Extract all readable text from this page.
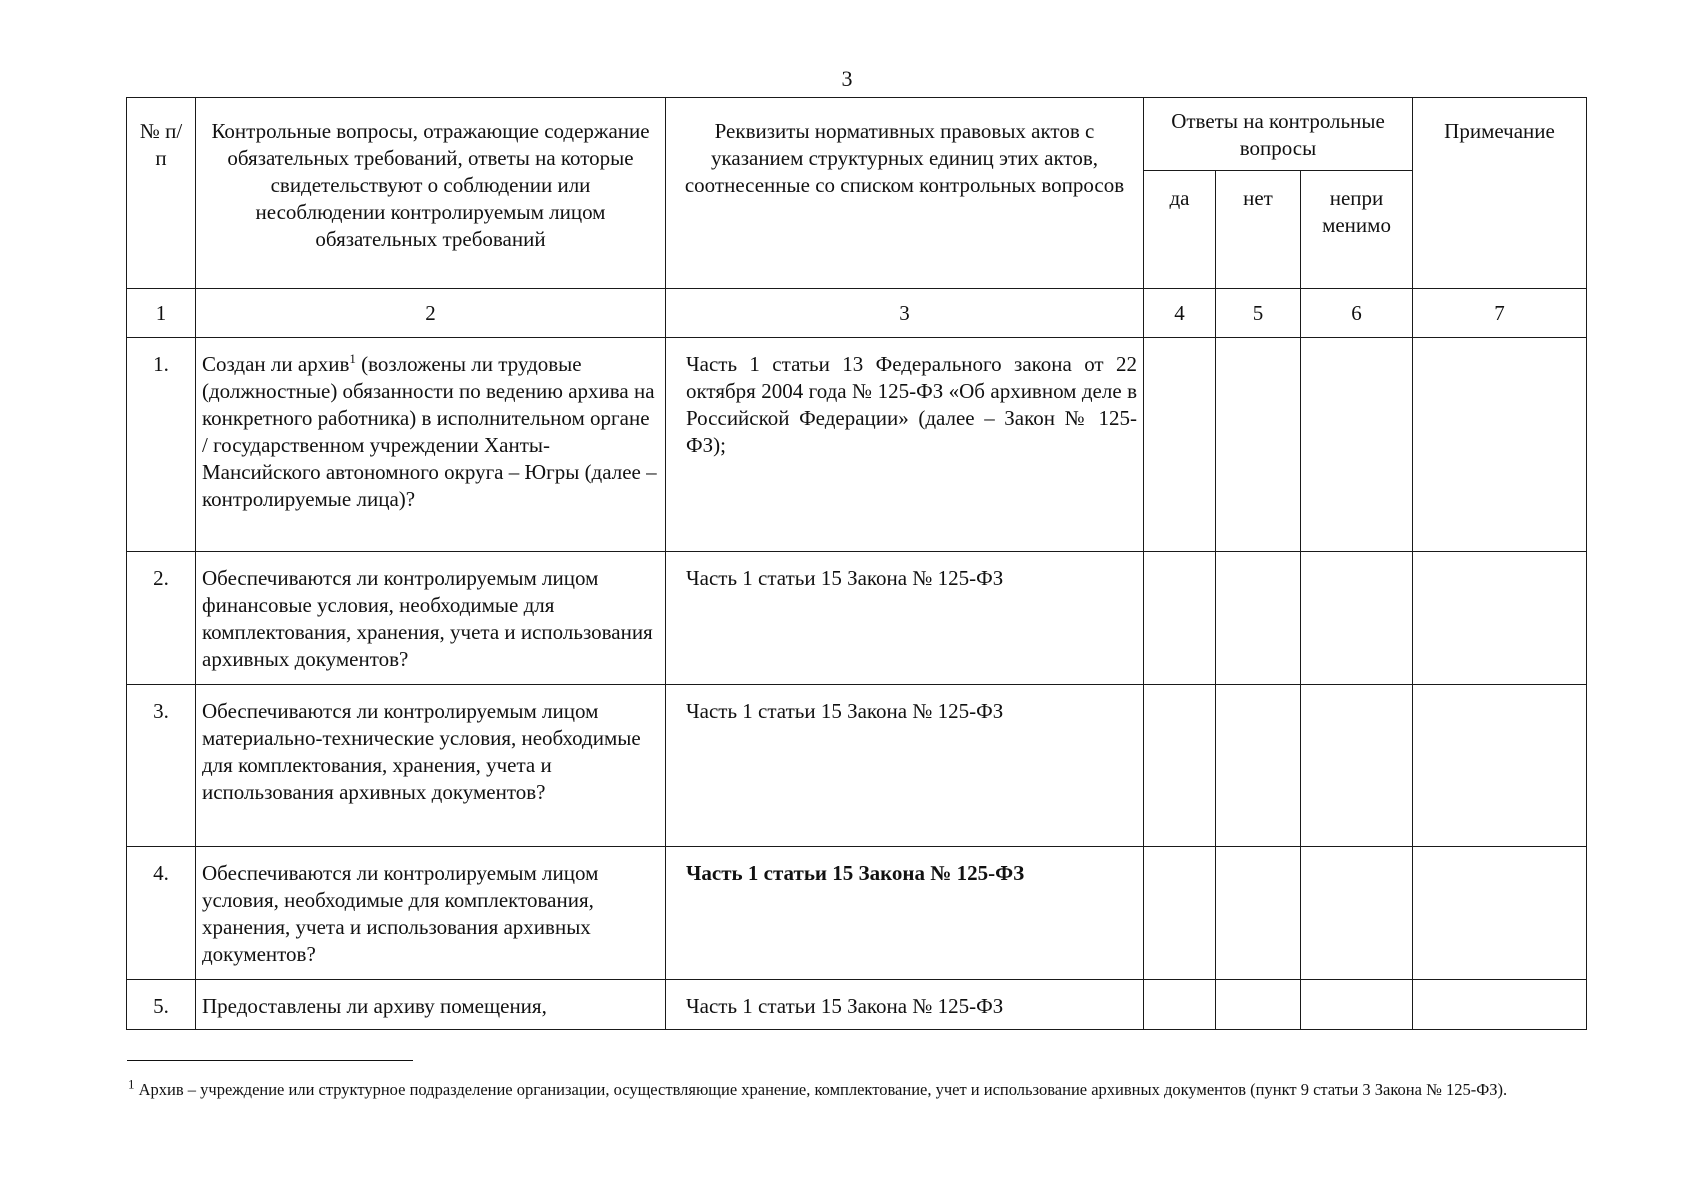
3
№ п/п	Контрольные вопросы, отражающие содержание обязательных требований, ответы на которые свидетельствуют о соблюдении или несоблюдении контролируемым лицом обязательных требований	Реквизиты нормативных правовых актов с указанием структурных единиц этих актов, соотнесенные со списком контрольных вопросов	Ответы на контрольные вопросы			Примечание
			да	нет	непри менимо	
1	2	3	4	5	6	7
1.	Создан ли архив$^1$ (возложены ли трудовые (должностные) обязанности по ведению архива на конкретного работника) в исполнительном органе / государственном учреждении Ханты-Мансийского автономного округа – Югры (далее – контролируемые лица)?	Часть 1 статьи 13 Федерального закона от 22 октября 2004 года № 125-ФЗ «Об архивном деле в Российской Федерации» (далее – Закон № 125-ФЗ);				
2.	Обеспечиваются ли контролируемым лицом финансовые условия, необходимые для комплектования, хранения, учета и использования архивных документов?	Часть 1 статьи 15 Закона № 125-ФЗ				
3.	Обеспечиваются ли контролируемым лицом материально-технические условия, необходимые для комплектования, хранения, учета и использования архивных документов?	Часть 1 статьи 15 Закона № 125-ФЗ				
4.	Обеспечиваются ли контролируемым лицом условия, необходимые для комплектования, хранения, учета и использования архивных документов?	Часть 1 статьи 15 Закона № 125-ФЗ				
5.	Предоставлены ли архиву помещения,	Часть 1 статьи 15 Закона № 125-ФЗ				
$^1$ Архив – учреждение или структурное подразделение организации, осуществляющие хранение, комплектование, учет и использование архивных документов (пункт 9 статьи 3 Закона № 125-ФЗ).
